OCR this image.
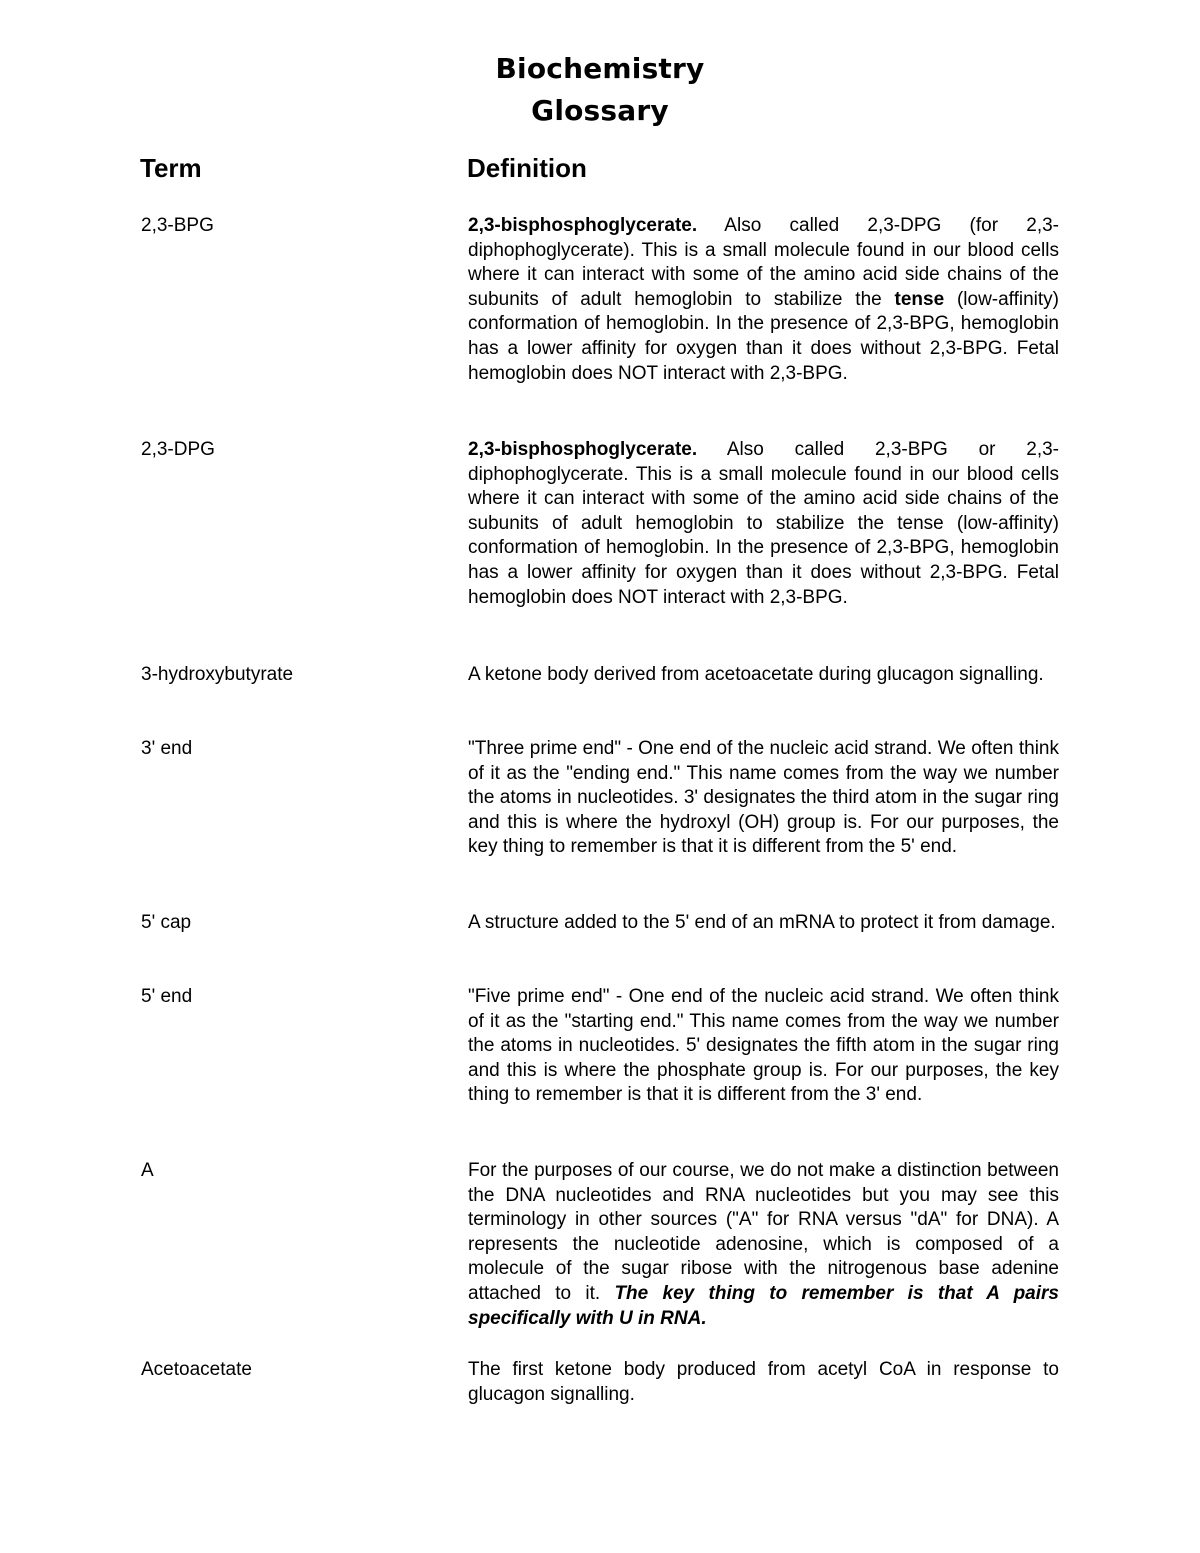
Biochemistry
Glossary
Term	Definition
2,3-BPG	2,3-bisphosphoglycerate. Also called 2,3-DPG (for 2,3-diphophoglycerate). This is a small molecule found in our blood cells where it can interact with some of the amino acid side chains of the subunits of adult hemoglobin to stabilize the tense (low-affinity) conformation of hemoglobin. In the presence of 2,3-BPG, hemoglobin has a lower affinity for oxygen than it does without 2,3-BPG. Fetal hemoglobin does NOT interact with 2,3-BPG.
2,3-DPG	2,3-bisphosphoglycerate. Also called 2,3-BPG or 2,3-diphophoglycerate. This is a small molecule found in our blood cells where it can interact with some of the amino acid side chains of the subunits of adult hemoglobin to stabilize the tense (low-affinity) conformation of hemoglobin. In the presence of 2,3-BPG, hemoglobin has a lower affinity for oxygen than it does without 2,3-BPG. Fetal hemoglobin does NOT interact with 2,3-BPG.
3-hydroxybutyrate	A ketone body derived from acetoacetate during glucagon signalling.
3' end	"Three prime end" - One end of the nucleic acid strand. We often think of it as the "ending end." This name comes from the way we number the atoms in nucleotides. 3' designates the third atom in the sugar ring and this is where the hydroxyl (OH) group is. For our purposes, the key thing to remember is that it is different from the 5' end.
5' cap	A structure added to the 5' end of an mRNA to protect it from damage.
5' end	"Five prime end" - One end of the nucleic acid strand. We often think of it as the "starting end." This name comes from the way we number the atoms in nucleotides. 5' designates the fifth atom in the sugar ring and this is where the phosphate group is. For our purposes, the key thing to remember is that it is different from the 3' end.
A	For the purposes of our course, we do not make a distinction between the DNA nucleotides and RNA nucleotides but you may see this terminology in other sources ("A" for RNA versus "dA" for DNA). A represents the nucleotide adenosine, which is composed of a molecule of the sugar ribose with the nitrogenous base adenine attached to it. The key thing to remember is that A pairs specifically with U in RNA.
Acetoacetate	The first ketone body produced from acetyl CoA in response to glucagon signalling.
